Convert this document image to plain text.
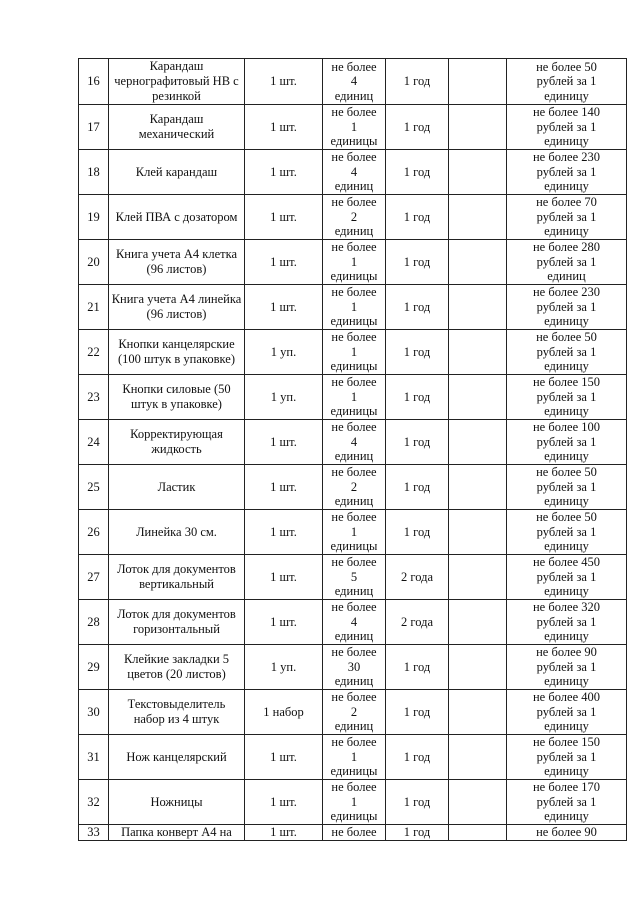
16	Карандаш чернографитовый НВ с резинкой	1 шт.	не более
4
единиц	1 год		не более 50
рублей за 1
единицу
17	Карандаш механический	1 шт.	не более
1
единицы	1 год		не более 140
рублей за 1
единицу
18	Клей карандаш	1 шт.	не более
4
единиц	1 год		не более 230
рублей за 1
единицу
19	Клей ПВА с дозатором	1 шт.	не более
2
единиц	1 год		не более 70
рублей за 1
единицу
20	Книга учета А4 клетка (96 листов)	1 шт.	не более
1
единицы	1 год		не более 280
рублей за 1
единиц
21	Книга учета А4 линейка (96 листов)	1 шт.	не более
1
единицы	1 год		не более 230
рублей за 1
единицу
22	Кнопки канцелярские (100 штук в упаковке)	1 уп.	не более
1
единицы	1 год		не более 50
рублей за 1
единицу
23	Кнопки силовые (50 штук в упаковке)	1 уп.	не более
1
единицы	1 год		не более 150
рублей за 1
единицу
24	Корректирующая жидкость	1 шт.	не более
4
единиц	1 год		не более 100
рублей за 1
единицу
25	Ластик	1 шт.	не более
2
единиц	1 год		не более 50
рублей за 1
единицу
26	Линейка 30 см.	1 шт.	не более
1
единицы	1 год		не более 50
рублей за 1
единицу
27	Лоток для документов вертикальный	1 шт.	не более
5
единиц	2 года		не более 450
рублей за 1
единицу
28	Лоток для документов горизонтальный	1 шт.	не более
4
единиц	2 года		не более 320
рублей за 1
единицу
29	Клейкие закладки 5 цветов (20 листов)	1 уп.	не более
30
единиц	1 год		не более 90
рублей за 1
единицу
30	Текстовыделитель набор из 4 штук	1 набор	не более
2
единиц	1 год		не более 400
рублей за 1
единицу
31	Нож канцелярский	1 шт.	не более
1
единицы	1 год		не более 150
рублей за 1
единицу
32	Ножницы	1 шт.	не более
1
единицы	1 год		не более 170
рублей за 1
единицу
33	Папка конверт А4 на	1 шт.	не более	1 год		не более 90
